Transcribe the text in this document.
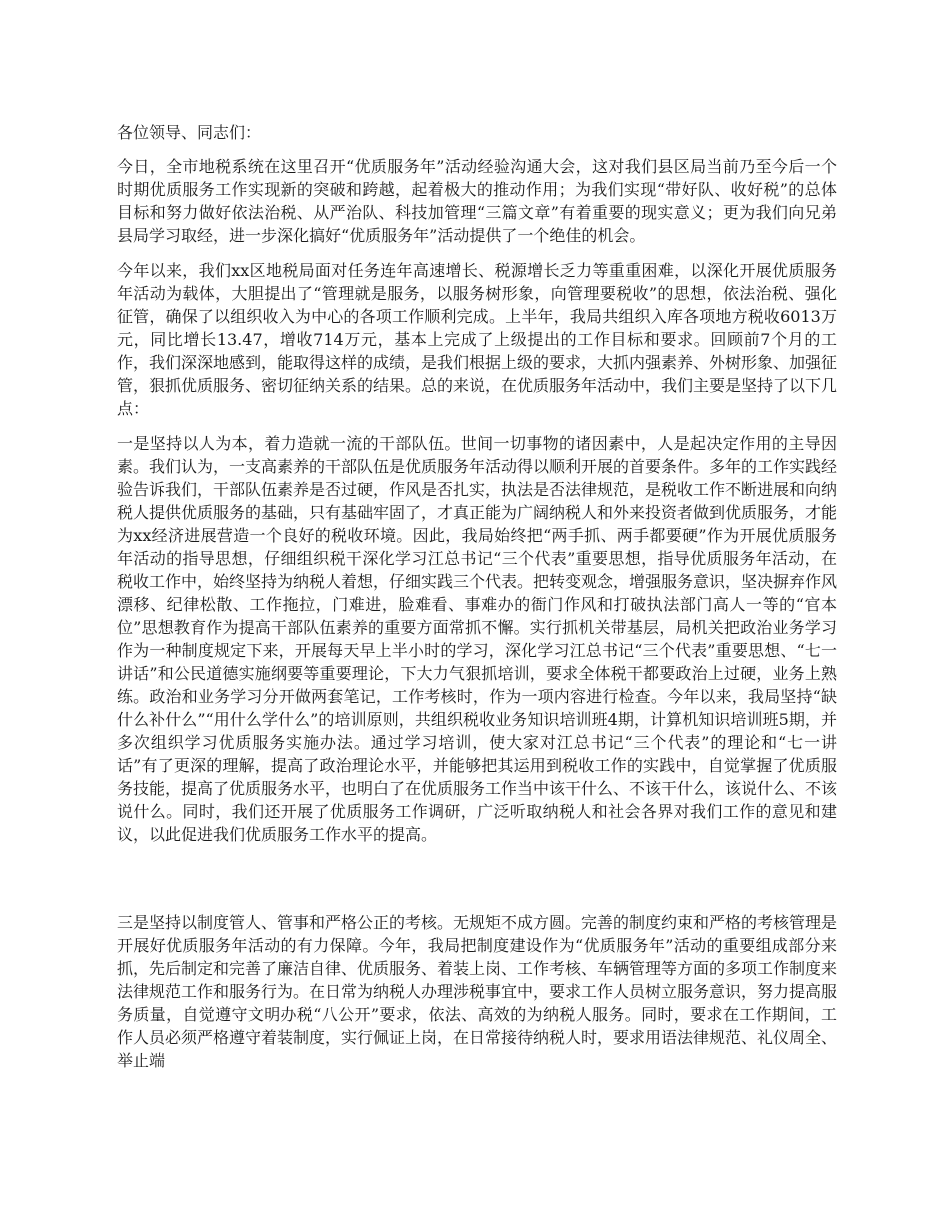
各位领导、同志们：

今日，全市地税系统在这里召开“优质服务年”活动经验沟通大会，这对我们县区局当前乃至今后一个时期优质服务工作实现新的突破和跨越，起着极大的推动作用；为我们实现“带好队、收好税”的总体目标和努力做好依法治税、从严治队、科技加管理“三篇文章”有着重要的现实意义；更为我们向兄弟县局学习取经，进一步深化搞好“优质服务年”活动提供了一个绝佳的机会。

今年以来，我们xx区地税局面对任务连年高速增长、税源增长乏力等重重困难，以深化开展优质服务年活动为载体，大胆提出了“管理就是服务，以服务树形象，向管理要税收”的思想，依法治税、强化征管，确保了以组织收入为中心的各项工作顺利完成。上半年，我局共组织入库各项地方税收6013万元，同比增长13.47，增收714万元，基本上完成了上级提出的工作目标和要求。回顾前7个月的工作，我们深深地感到，能取得这样的成绩，是我们根据上级的要求，大抓内强素养、外树形象、加强征管，狠抓优质服务、密切征纳关系的结果。总的来说，在优质服务年活动中，我们主要是坚持了以下几点：

一是坚持以人为本，着力造就一流的干部队伍。世间一切事物的诸因素中，人是起决定作用的主导因素。我们认为，一支高素养的干部队伍是优质服务年活动得以顺利开展的首要条件。多年的工作实践经验告诉我们，干部队伍素养是否过硬，作风是否扎实，执法是否法律规范，是税收工作不断进展和向纳税人提供优质服务的基础，只有基础牢固了，才真正能为广阔纳税人和外来投资者做到优质服务，才能为xx经济进展营造一个良好的税收环境。因此，我局始终把“两手抓、两手都要硬”作为开展优质服务年活动的指导思想，仔细组织税干深化学习江总书记“三个代表”重要思想，指导优质服务年活动，在税收工作中，始终坚持为纳税人着想，仔细实践三个代表。把转变观念，增强服务意识，坚决摒弃作风漂移、纪律松散、工作拖拉，门难进，脸难看、事难办的衙门作风和打破执法部门高人一等的“官本位”思想教育作为提高干部队伍素养的重要方面常抓不懈。实行抓机关带基层，局机关把政治业务学习作为一种制度规定下来，开展每天早上半小时的学习，深化学习江总书记“三个代表”重要思想、“七一讲话”和公民道德实施纲要等重要理论，下大力气狠抓培训，要求全体税干都要政治上过硬，业务上熟练。政治和业务学习分开做两套笔记，工作考核时，作为一项内容进行检查。今年以来，我局坚持“缺什么补什么”“用什么学什么”的培训原则，共组织税收业务知识培训班4期，计算机知识培训班5期，并多次组织学习优质服务实施办法。通过学习培训，使大家对江总书记“三个代表”的理论和“七一讲话”有了更深的理解，提高了政治理论水平，并能够把其运用到税收工作的实践中，自觉掌握了优质服务技能，提高了优质服务水平，也明白了在优质服务工作当中该干什么、不该干什么，该说什么、不该说什么。同时，我们还开展了优质服务工作调研，广泛听取纳税人和社会各界对我们工作的意见和建议，以此促进我们优质服务工作水平的提高。

三是坚持以制度管人、管事和严格公正的考核。无规矩不成方圆。完善的制度约束和严格的考核管理是开展好优质服务年活动的有力保障。今年，我局把制度建设作为“优质服务年”活动的重要组成部分来抓，先后制定和完善了廉洁自律、优质服务、着装上岗、工作考核、车辆管理等方面的多项工作制度来法律规范工作和服务行为。在日常为纳税人办理涉税事宜中，要求工作人员树立服务意识，努力提高服务质量，自觉遵守文明办税“八公开”要求，依法、高效的为纳税人服务。同时，要求在工作期间，工作人员必须严格遵守着装制度，实行佩证上岗，在日常接待纳税人时，要求用语法律规范、礼仪周全、举止端
